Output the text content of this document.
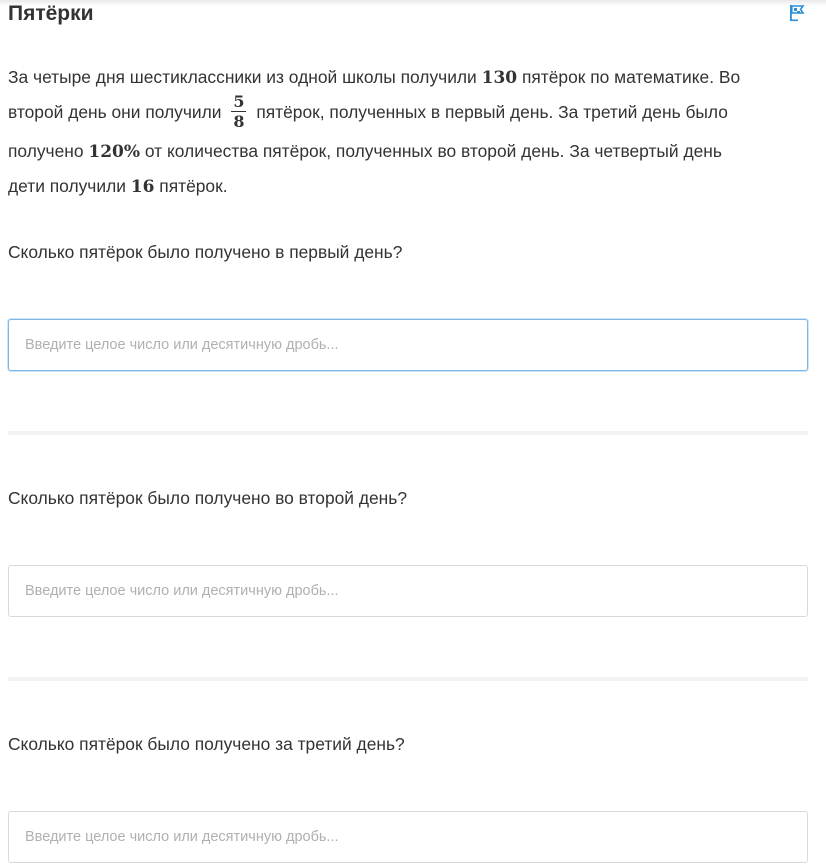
Пятёрки
За четыре дня шестиклассники из одной школы получили 130 пятёрок по математике. Во
второй день они получили $\frac{5}{8}$ пятёрок, полученных в первый день. За третий день было
получено 120% от количества пятёрок, полученных во второй день. За четвертый день
дети получили 16 пятёрок.
Сколько пятёрок было получено в первый день?
Введите целое число или десятичную дробь...
Сколько пятёрок было получено во второй день?
Введите целое число или десятичную дробь...
Сколько пятёрок было получено за третий день?
Введите целое число или десятичную дробь...
